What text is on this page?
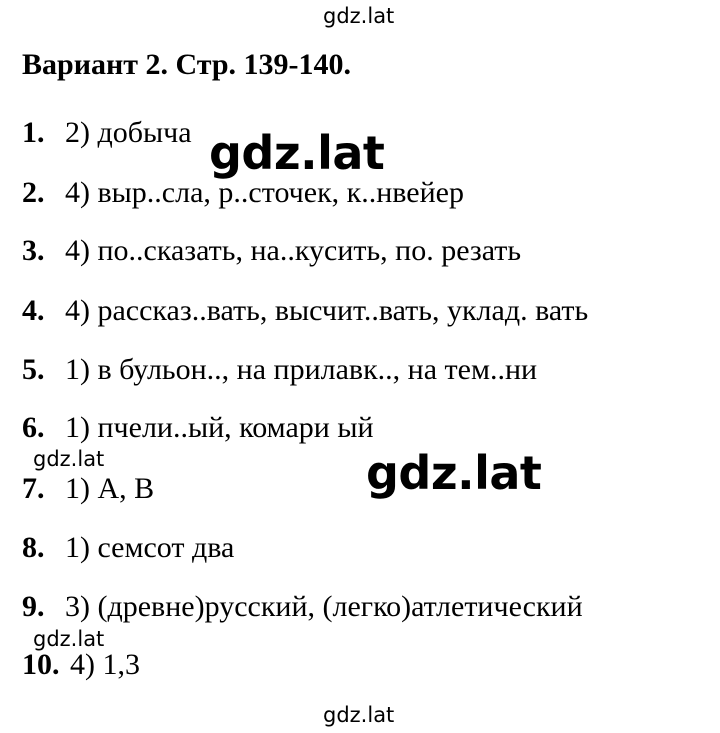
gdz.lat
Вариант 2. Стр. 139-140.
1. 2) добыча gdz.lat
2. 4) выр..сла, р..сточек, к..нвейер
3. 4) по..сказать, на..кусить, по. резать
4. 4) рассказ..вать, высчит..вать, уклад. вать
5. 1) в бульон.., на прилавк.., на тем..ни
6. 1) пчели..ый, комари ый
gdz.lat	gdz.lat
7. 1) А, В
8. 1) семсот два
9. 3) (древне)русский, (легко)атлетический
gdz.lat
10. 4) 1,3
gdz.lat
